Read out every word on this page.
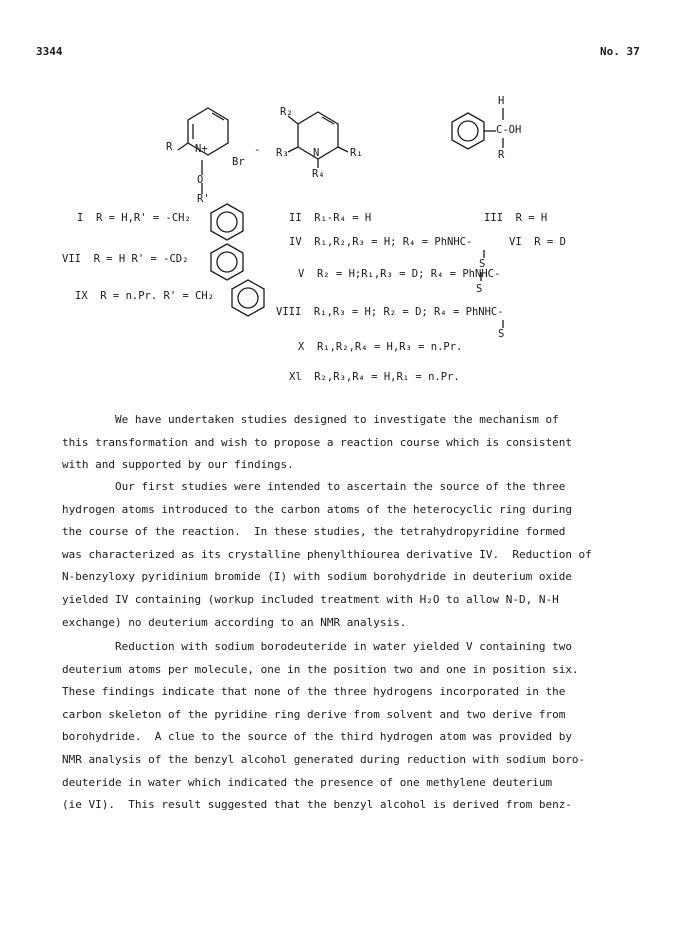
3344	No. 37
R N+
O
R'
Br
-
R₂
R₃ N	R₁
R₄
H
C-OH
R
I  R = H,R' = -CH₂
VII  R = H R' = -CD₂
IX  R = n.Pr. R' = CH₂
II  R₁-R₄ = H
IV  R₁,R₂,R₃ = H; R₄ = PhNHC-
S
V  R₂ = H;R₁,R₃ = D; R₄ = PhNHC-
S
VIII  R₁,R₃ = H; R₂ = D; R₄ = PhNHC-
S
X  R₁,R₂,R₄ = H,R₃ = n.Pr.
Xl  R₂,R₃,R₄ = H,R₁ = n.Pr.
III  R = H
VI  R = D
We have undertaken studies designed to investigate the mechanism of
this transformation and wish to propose a reaction course which is consistent
with and supported by our findings.
Our first studies were intended to ascertain the source of the three
hydrogen atoms introduced to the carbon atoms of the heterocyclic ring during
the course of the reaction.  In these studies, the tetrahydropyridine formed
was characterized as its crystalline phenylthiourea derivative IV.  Reduction of
N-benzyloxy pyridinium bromide (I) with sodium borohydride in deuterium oxide
yielded IV containing (workup included treatment with H₂O to allow N-D, N-H
exchange) no deuterium according to an NMR analysis.
Reduction with sodium borodeuteride in water yielded V containing two
deuterium atoms per molecule, one in the position two and one in position six.
These findings indicate that none of the three hydrogens incorporated in the
carbon skeleton of the pyridine ring derive from solvent and two derive from
borohydride.  A clue to the source of the third hydrogen atom was provided by
NMR analysis of the benzyl alcohol generated during reduction with sodium boro-
deuteride in water which indicated the presence of one methylene deuterium
(ie VI).  This result suggested that the benzyl alcohol is derived from benz-
